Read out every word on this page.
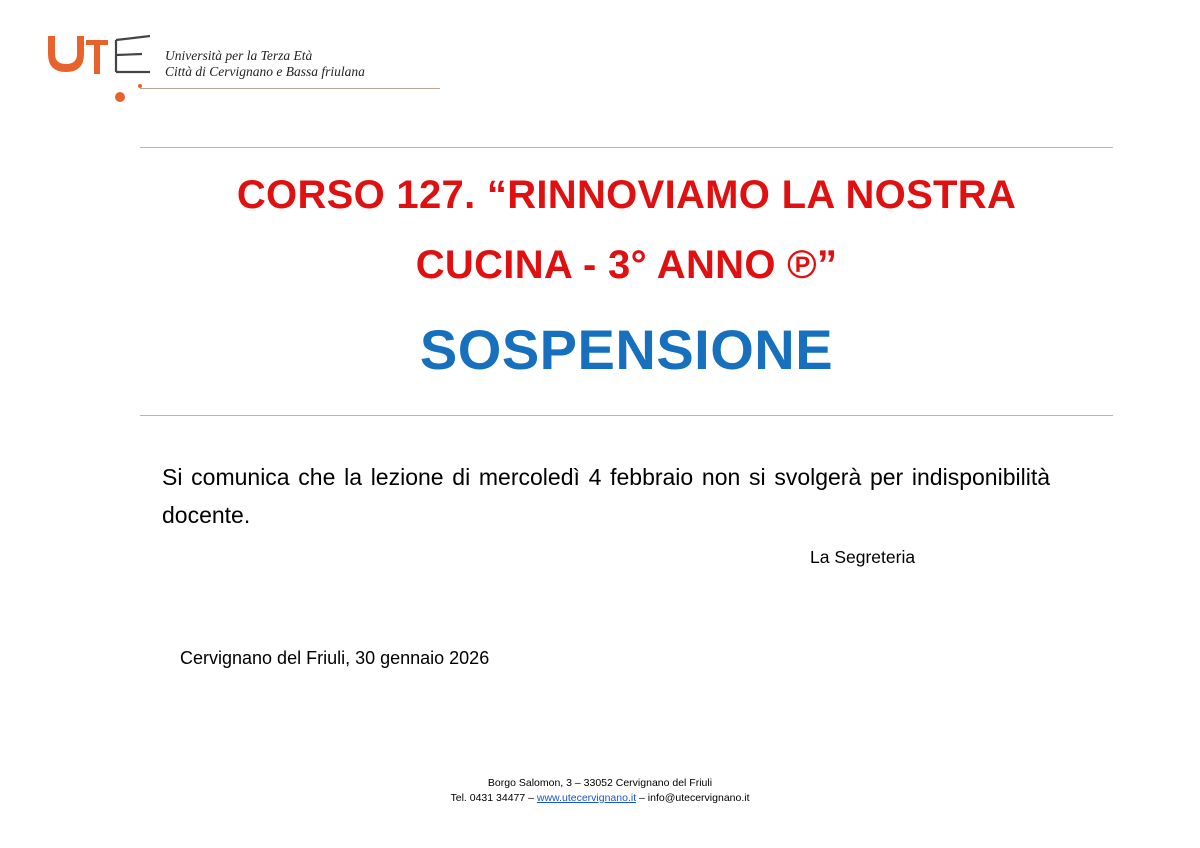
Università per la Terza Età
Città di Cervignano e Bassa friulana
CORSO 127. “RINNOVIAMO LA NOSTRA
CUCINA - 3° ANNO ℗”
SOSPENSIONE
Si comunica che la lezione di mercoledì 4 febbraio non si svolgerà per indisponibilità docente.
La Segreteria
Cervignano del Friuli, 30 gennaio 2026
Borgo Salomon, 3 – 33052 Cervignano del Friuli
Tel. 0431 34477 – www.utecervignano.it – info@utecervignano.it
